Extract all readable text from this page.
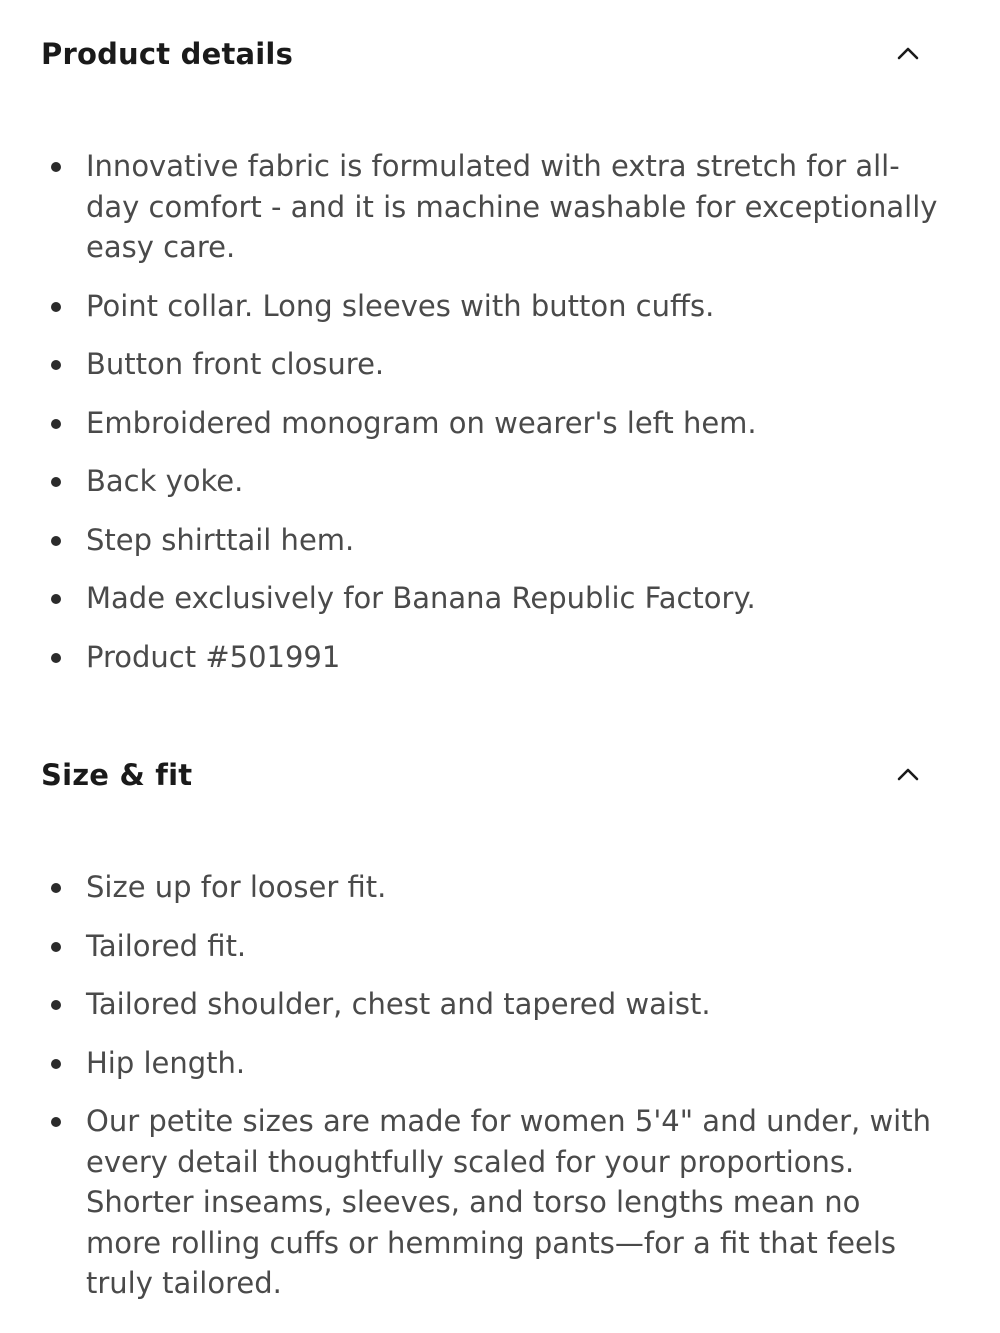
Product details
Innovative fabric is formulated with extra stretch for all-day comfort - and it is machine washable for exceptionally easy care.
Point collar. Long sleeves with button cuffs.
Button front closure.
Embroidered monogram on wearer's left hem.
Back yoke.
Step shirttail hem.
Made exclusively for Banana Republic Factory.
Product #501991
Size & fit
Size up for looser fit.
Tailored fit.
Tailored shoulder, chest and tapered waist.
Hip length.
Our petite sizes are made for women 5'4" and under, with every detail thoughtfully scaled for your proportions. Shorter inseams, sleeves, and torso lengths mean no more rolling cuffs or hemming pants—for a fit that feels truly tailored.
